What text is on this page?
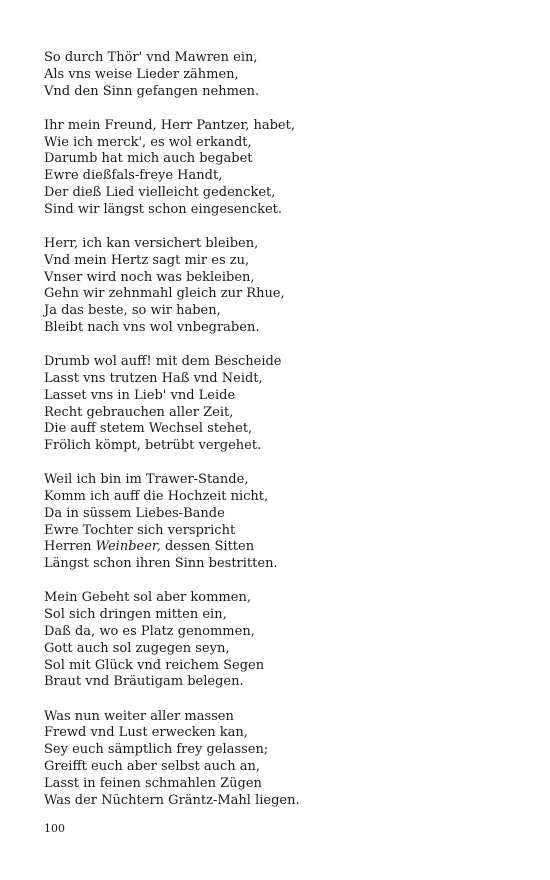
So durch Thör' vnd Mawren ein,
Als vns weise Lieder zähmen,
Vnd den Sinn gefangen nehmen.
Ihr mein Freund, Herr Pantzer, habet,
Wie ich merck', es wol erkandt,
Darumb hat mich auch begabet
Ewre dießfals-freye Handt,
Der dieß Lied vielleicht gedencket,
Sind wir längst schon eingesencket.
Herr, ich kan versichert bleiben,
Vnd mein Hertz sagt mir es zu,
Vnser wird noch was bekleiben,
Gehn wir zehnmahl gleich zur Rhue,
Ja das beste, so wir haben,
Bleibt nach vns wol vnbegraben.
Drumb wol auff! mit dem Bescheide
Lasst vns trutzen Haß vnd Neidt,
Lasset vns in Lieb' vnd Leide
Recht gebrauchen aller Zeit,
Die auff stetem Wechsel stehet,
Frölich kömpt, betrübt vergehet.
Weil ich bin im Trawer-Stande,
Komm ich auff die Hochzeit nicht,
Da in süssem Liebes-Bande
Ewre Tochter sich verspricht
Herren Weinbeer, dessen Sitten
Längst schon ihren Sinn bestritten.
Mein Gebeht sol aber kommen,
Sol sich dringen mitten ein,
Daß da, wo es Platz genommen,
Gott auch sol zugegen seyn,
Sol mit Glück vnd reichem Segen
Braut vnd Bräutigam belegen.
Was nun weiter aller massen
Frewd vnd Lust erwecken kan,
Sey euch sämptlich frey gelassen;
Greifft euch aber selbst auch an,
Lasst in feinen schmahlen Zügen
Was der Nüchtern Gräntz-Mahl liegen.
100
